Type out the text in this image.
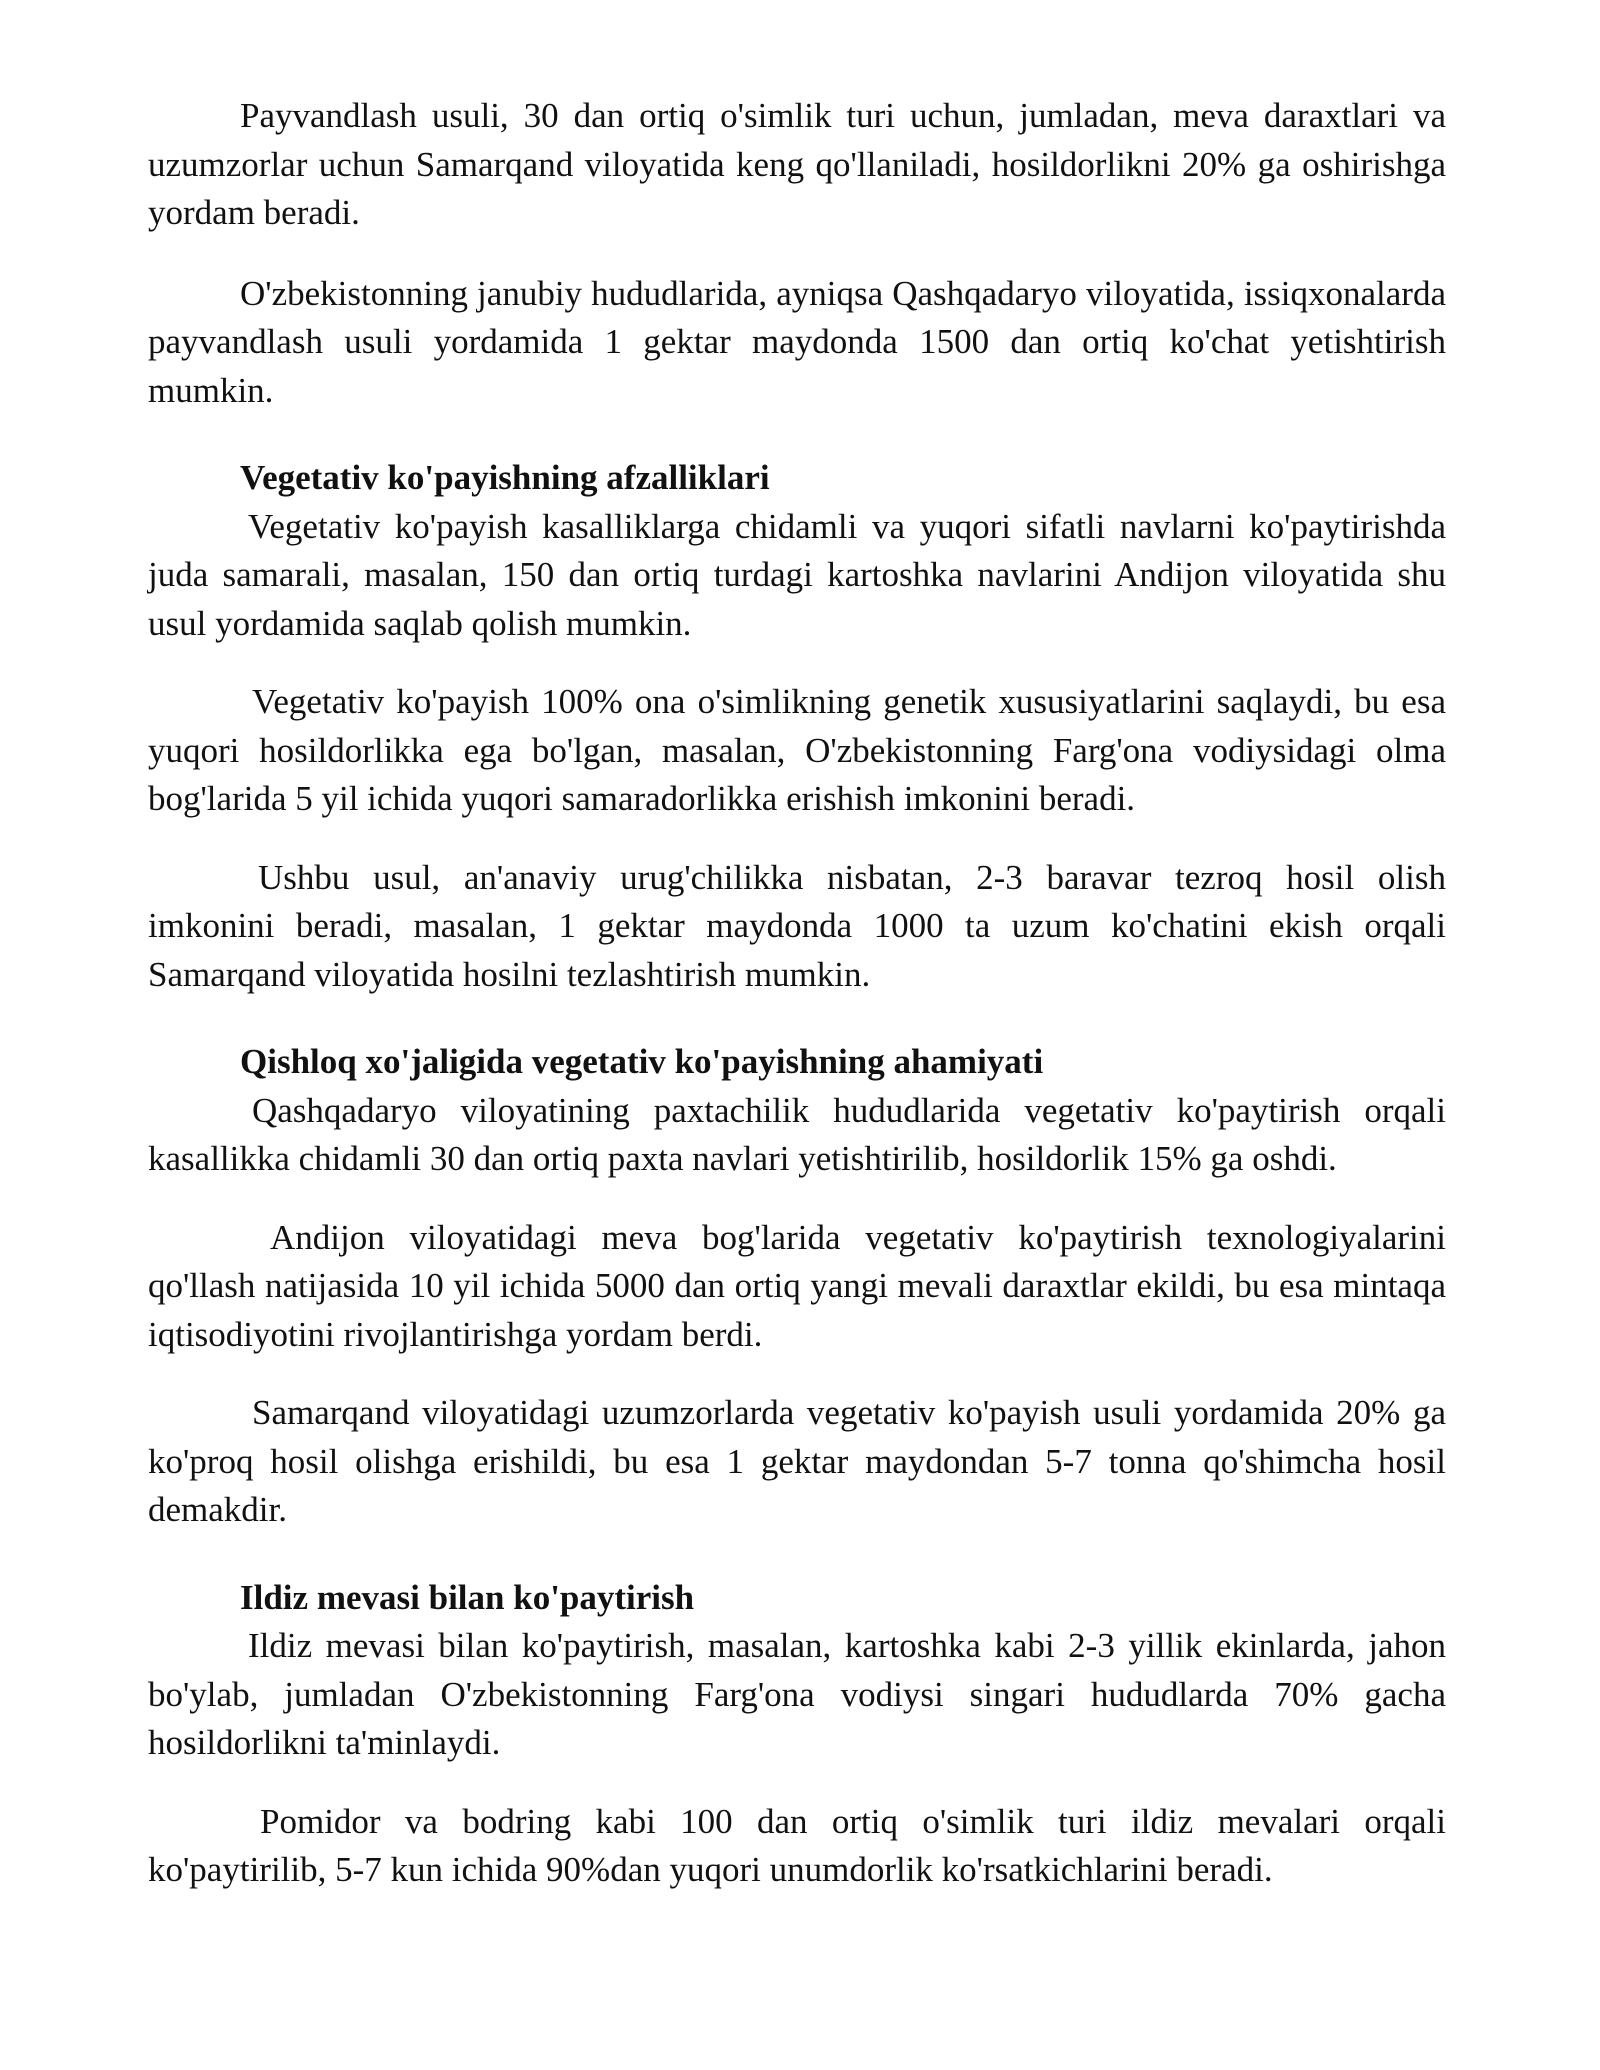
Payvandlash usuli, 30 dan ortiq o'simlik turi uchun, jumladan, meva daraxtlari va uzumzorlar uchun Samarqand viloyatida keng qo'llaniladi, hosildorlikni 20% ga oshirishga yordam beradi.

O'zbekistonning janubiy hududlarida, ayniqsa Qashqadaryo viloyatida, issiqxonalarda payvandlash usuli yordamida 1 gektar maydonda 1500 dan ortiq ko'chat yetishtirish mumkin.

Vegetativ ko'payishning afzalliklari

Vegetativ ko'payish kasalliklarga chidamli va yuqori sifatli navlarni ko'paytirishda juda samarali, masalan, 150 dan ortiq turdagi kartoshka navlarini Andijon viloyatida shu usul yordamida saqlab qolish mumkin.

Vegetativ ko'payish 100% ona o'simlikning genetik xususiyatlarini saqlaydi, bu esa yuqori hosildorlikka ega bo'lgan, masalan, O'zbekistonning Farg'ona vodiysidagi olma bog'larida 5 yil ichida yuqori samaradorlikka erishish imkonini beradi.

Ushbu usul, an'anaviy urug'chilikka nisbatan, 2-3 baravar tezroq hosil olish imkonini beradi, masalan, 1 gektar maydonda 1000 ta uzum ko'chatini ekish orqali Samarqand viloyatida hosilni tezlashtirish mumkin.

Qishloq xo'jaligida vegetativ ko'payishning ahamiyati

Qashqadaryo viloyatining paxtachilik hududlarida vegetativ ko'paytirish orqali kasallikka chidamli 30 dan ortiq paxta navlari yetishtirilib, hosildorlik 15% ga oshdi.

Andijon viloyatidagi meva bog'larida vegetativ ko'paytirish texnologiyalarini qo'llash natijasida 10 yil ichida 5000 dan ortiq yangi mevali daraxtlar ekildi, bu esa mintaqa iqtisodiyotini rivojlantirishga yordam berdi.

Samarqand viloyatidagi uzumzorlarda vegetativ ko'payish usuli yordamida 20% ga ko'proq hosil olishga erishildi, bu esa 1 gektar maydondan 5-7 tonna qo'shimcha hosil demakdir.

Ildiz mevasi bilan ko'paytirish

Ildiz mevasi bilan ko'paytirish, masalan, kartoshka kabi 2-3 yillik ekinlarda, jahon bo'ylab, jumladan O'zbekistonning Farg'ona vodiysi singari hududlarda 70% gacha hosildorlikni ta'minlaydi.

Pomidor va bodring kabi 100 dan ortiq o'simlik turi ildiz mevalari orqali ko'paytirilib, 5-7 kun ichida 90%dan yuqori unumdorlik ko'rsatkichlarini beradi.
